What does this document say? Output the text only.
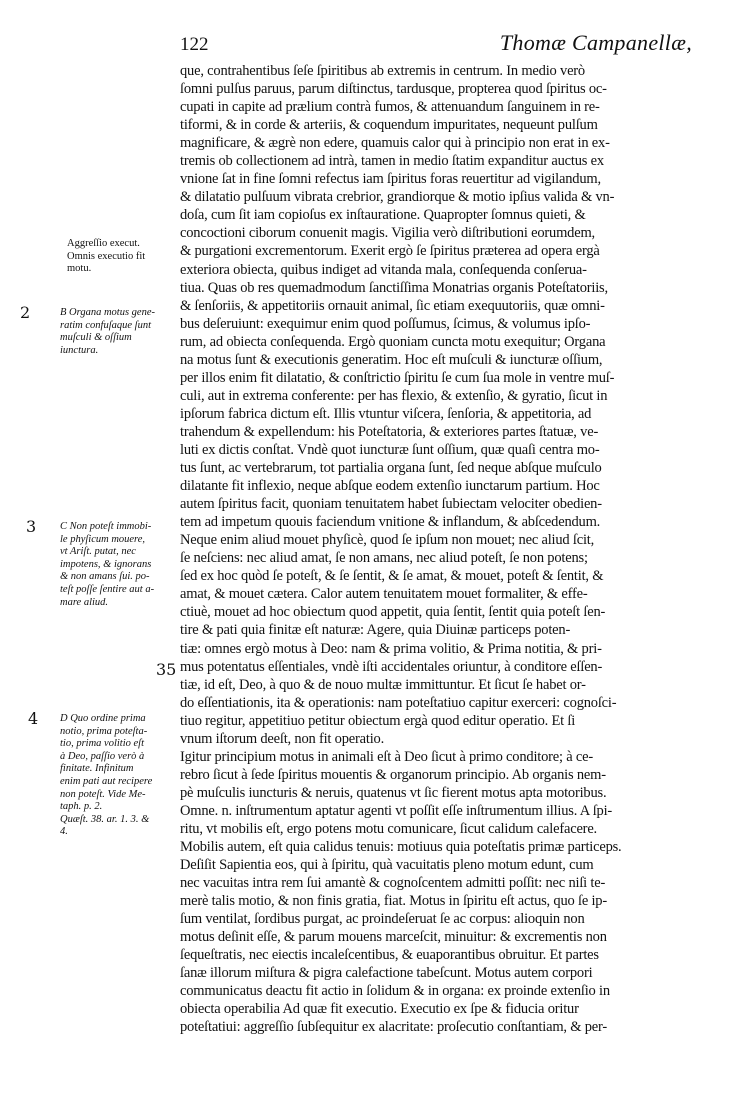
122	Thomæ Campanellæ,
que, contrahentibus ſeſe ſpiritibus ab extremis in centrum. In medio verò
ſomni pulſus paruus, parum diſtinctus, tardusque, propterea quod ſpiritus oc-
cupati in capite ad prælium contrà fumos, & attenuandum ſanguinem in re-
tiformi, & in corde & arteriis, & coquendum impuritates, nequeunt pulſum
magnificare, & ægrè non edere, quamuis calor qui à principio non erat in ex-
tremis ob collectionem ad intrà, tamen in medio ſtatim expanditur auctus ex
vnione ſat in fine ſomni refectus iam ſpiritus foras reuertitur ad vigilandum,
& dilatatio pulſuum vibrata crebrior, grandiorque & motio ipſius valida & vn-
doſa, cum ſit iam copioſus ex inſtauratione. Quapropter ſomnus quieti, &
concoctioni ciborum conuenit magis. Vigilia verò diſtributioni eorumdem,
& purgationi excrementorum. Exerit ergò ſe ſpiritus præterea ad opera ergà
exteriora obiecta, quibus indiget ad vitanda mala, conſequenda conſerua-
tiua. Quas ob res quemadmodum ſanctiſſima Monatrias organis Poteſtatoriis,
& ſenſoriis, & appetitoriis ornauit animal, ſic etiam exequutoriis, quæ omni-
bus deſeruiunt: exequimur enim quod poſſumus, ſcimus, & volumus ipſo-
rum, ad obiecta conſequenda. Ergò quoniam cuncta motu exequitur; Organa
na motus ſunt & executionis generatim. Hoc eſt muſculi & iuncturæ oſſium,
per illos enim fit dilatatio, & conſtrictio ſpiritu ſe cum ſua mole in ventre muſ-
culi, aut in extrema conferente: per has flexio, & extenſio, & gyratio, ſicut in
ipſorum fabrica dictum eſt. Illis vtuntur viſcera, ſenſoria, & appetitoria, ad
trahendum & expellendum: his Poteſtatoria, & exteriores partes ſtatuæ, ve-
luti ex dictis conſtat. Vndè quot iuncturæ ſunt oſſium, quæ quaſi centra mo-
tus ſunt, ac vertebrarum, tot partialia organa ſunt, ſed neque abſque muſculo
dilatante fit inflexio, neque abſque eodem extenſio iunctarum partium. Hoc
autem ſpiritus facit, quoniam tenuitatem habet ſubiectam velociter obedien-
tem ad impetum quouis faciendum vnitione & inflandum, & abſcedendum.
Neque enim aliud mouet phyſicè, quod ſe ipſum non mouet; nec aliud ſcit,
ſe neſciens: nec aliud amat, ſe non amans, nec aliud poteſt, ſe non potens;
ſed ex hoc quòd ſe poteſt, & ſe ſentit, & ſe amat, & mouet, poteſt & ſentit, &
amat, & mouet cætera. Calor autem tenuitatem mouet formaliter, & effe-
ctiuè, mouet ad hoc obiectum quod appetit, quia ſentit, ſentit quia poteſt ſen-
tire & pati quia finitæ eſt naturæ: Agere, quia Diuinæ particeps poten-
tiæ: omnes ergò motus à Deo: nam & prima volitio, & Prima notitia, & pri-
mus potentatus eſſentiales, vndè iſti accidentales oriuntur, à conditore eſſen-
tiæ, id eſt, Deo, à quo & de nouo multæ immittuntur. Et ſicut ſe habet or-
do eſſentiationis, ita & operationis: nam poteſtatiuo capitur exerceri: cognoſci-
tiuo regitur, appetitiuo petitur obiectum ergà quod editur operatio. Et ſi
vnum iſtorum deeſt, non fit operatio.
Igitur principium motus in animali eſt à Deo ſicut à primo conditore; à ce-
rebro ſicut à ſede ſpiritus mouentis & organorum principio. Ab organis nem-
pè muſculis iuncturis & neruis, quatenus vt ſic fierent motus apta motoribus.
Omne. n. inſtrumentum aptatur agenti vt poſſit eſſe inſtrumentum illius. A ſpi-
ritu, vt mobilis eſt, ergo potens motu comunicare, ſicut calidum calefacere.
Mobilis autem, eſt quia calidus tenuis: motiuus quia poteſtatis primæ particeps.
Deſiſit Sapientia eos, qui à ſpiritu, quà vacuitatis pleno motum edunt, cum
nec vacuitas intra rem ſui amantè & cognoſcentem admitti poſſit: nec niſi te-
merè talis motio, & non finis gratia, fiat. Motus in ſpiritu eſt actus, quo ſe ip-
ſum ventilat, ſordibus purgat, ac proindeſeruat ſe ac corpus: alioquin non
motus deſinit eſſe, & parum mouens marceſcit, minuitur: & excrementis non
ſequeſtratis, nec eiectis incaleſcentibus, & euaporantibus obruitur. Et partes
ſanæ illorum miſtura & pigra calefactione tabeſcunt. Motus autem corpori
communicatus deactu fit actio in ſolidum & in organa: ex proinde extenſio in
obiecta operabilia Ad quæ fit executio. Executio ex ſpe & fiducia oritur
poteſtatiui: aggreſſio ſubſequitur ex alacritate: proſecutio conſtantiam, & per-
Aggreſſio execut.
Omnis executio fit
motu.
B Organa motus gene-
ratim confuſaque ſunt
muſculi & oſſium
iunctura.
C Non poteſt immobi-
le phyſicum mouere,
vt Ariſt. putat, nec
impotens, & ignorans
& non amans ſui. po-
teſt poſſe ſentire aut a-
mare aliud.
D Quo ordine prima
notio, prima poteſta-
tio, prima volitio eſt
à Deo, paſſio verò à
finitate. Infinitum
enim pati aut recipere
non poteſt. Vide Me-
taph. p. 2.
Quæſt. 38. ar. 1. 3. &
4.
2
3
4
35
